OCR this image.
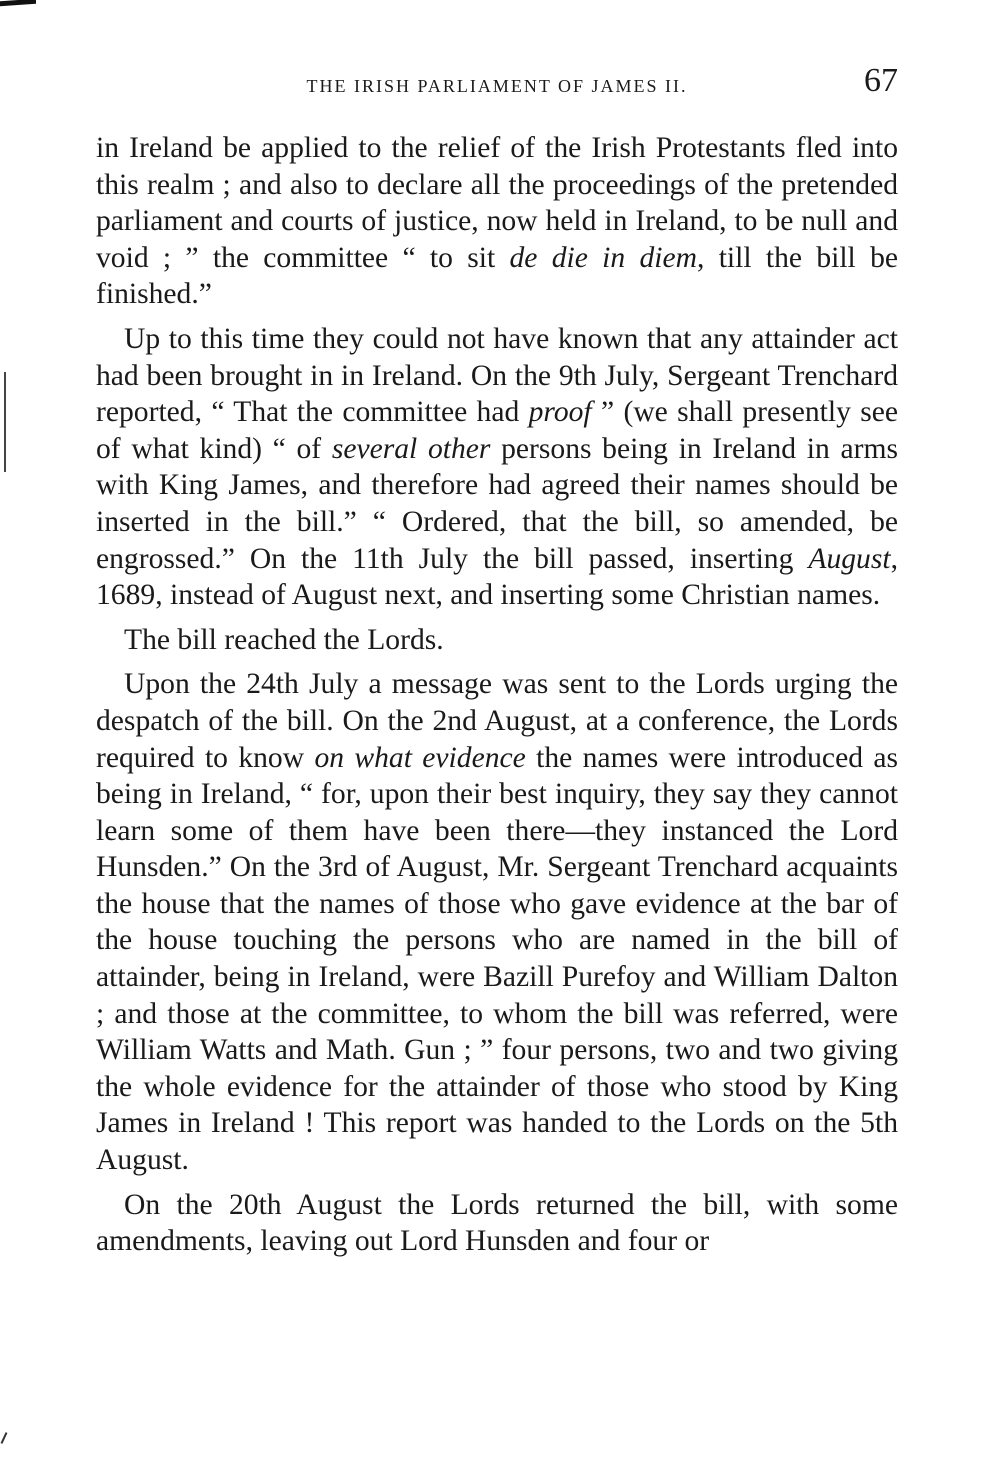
THE IRISH PARLIAMENT OF JAMES II.	67

in Ireland be applied to the relief of the Irish Protestants fled into this realm ; and also to declare all the proceedings of the pretended parliament and courts of justice, now held in Ireland, to be null and void ; ” the committee “ to sit de die in diem, till the bill be finished.”

Up to this time they could not have known that any attainder act had been brought in in Ireland. On the 9th July, Sergeant Trenchard reported, “ That the committee had proof ” (we shall presently see of what kind) “ of several other persons being in Ireland in arms with King James, and therefore had agreed their names should be inserted in the bill.” “ Ordered, that the bill, so amended, be engrossed.” On the 11th July the bill passed, inserting August, 1689, instead of August next, and inserting some Christian names.

The bill reached the Lords.

Upon the 24th July a message was sent to the Lords urging the despatch of the bill. On the 2nd August, at a conference, the Lords required to know on what evidence the names were introduced as being in Ireland, “ for, upon their best inquiry, they say they cannot learn some of them have been there—they instanced the Lord Hunsden.” On the 3rd of August, Mr. Sergeant Trenchard acquaints the house that the names of those who gave evidence at the bar of the house touching the persons who are named in the bill of attainder, being in Ireland, were Bazill Purefoy and William Dalton ; and those at the committee, to whom the bill was referred, were William Watts and Math. Gun ; ” four persons, two and two giving the whole evidence for the attainder of those who stood by King James in Ireland ! This report was handed to the Lords on the 5th August.

On the 20th August the Lords returned the bill, with some amendments, leaving out Lord Hunsden and four or
